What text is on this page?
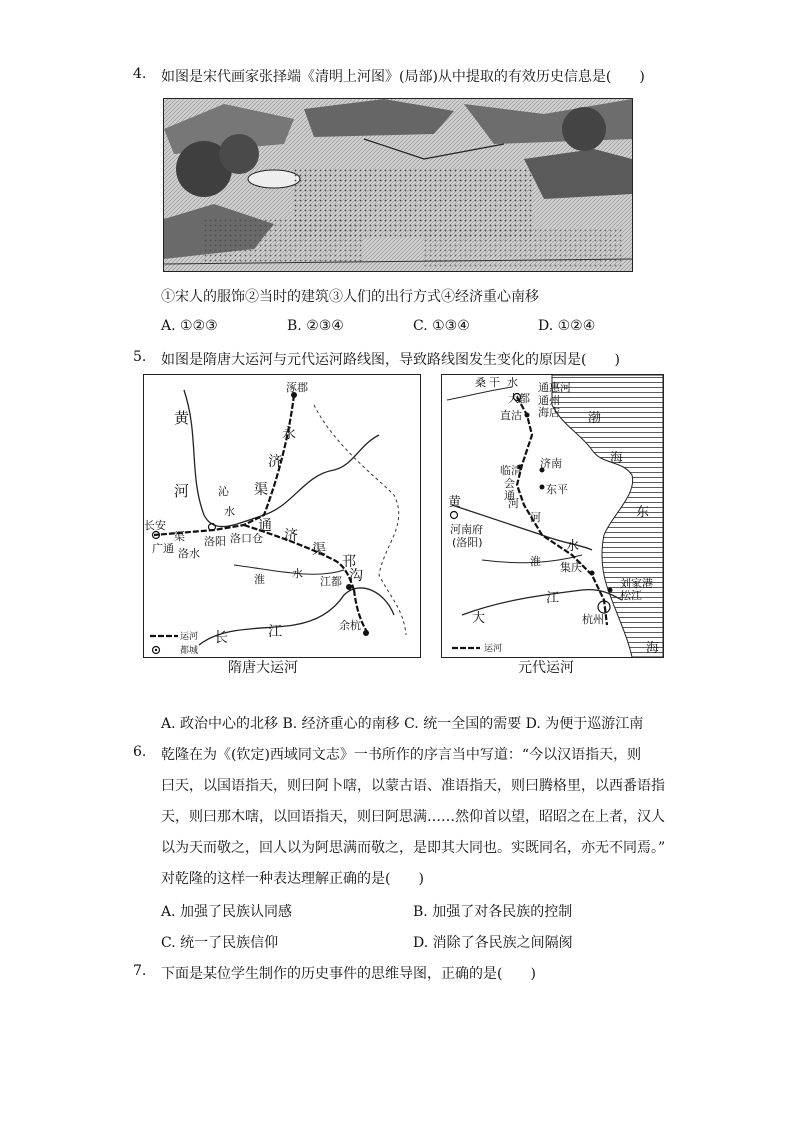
4. 如图是宋代画家张择端《清明上河图》(局部)从中提取的有效历史信息是(　　)
①宋人的服饰②当时的建筑③人们的出行方式④经济重心南移
A. ①②③	B. ②③④	C. ①③④	D. ①②④
5. 如图是隋唐大运河与元代运河路线图，导致路线图发生变化的原因是(　　)
黄
河
涿郡
永
济
渠
沁
水
长安
广通
渠
洛水
洛阳 洛口仓
通
济
渠
淮 水
邗
沟
江都
长	江	余杭
运河
都城
隋唐大运河
桑 干 水 通惠河
大都 通州
海店
直沽	渤
海
临清
济南
会
通	东平
黄	河
河南府
(洛阳)
河
淮
水
集庆
刘家港
松江
大
江
杭州
东
海
运河
元代运河
A. 政治中心的北移 B. 经济重心的南移 C. 统一全国的需要 D. 为便于巡游江南
6. 乾隆在为《(钦定)西域同文志》一书所作的序言当中写道：“今以汉语指天，则
曰天，以国语指天，则曰阿卜嗐，以蒙古语、准语指天，则曰腾格里，以西番语指
天，则曰那木嗐，以回语指天，则曰阿思满……然仰首以望，昭昭之在上者，汉人
以为天而敬之，回人以为阿思满而敬之，是即其大同也。实既同名，亦无不同焉。”
对乾隆的这样一种表达理解正确的是(　　)
A. 加强了民族认同感	B. 加强了对各民族的控制
C. 统一了民族信仰	D. 消除了各民族之间隔阂
7. 下面是某位学生制作的历史事件的思维导图，正确的是(　　)
